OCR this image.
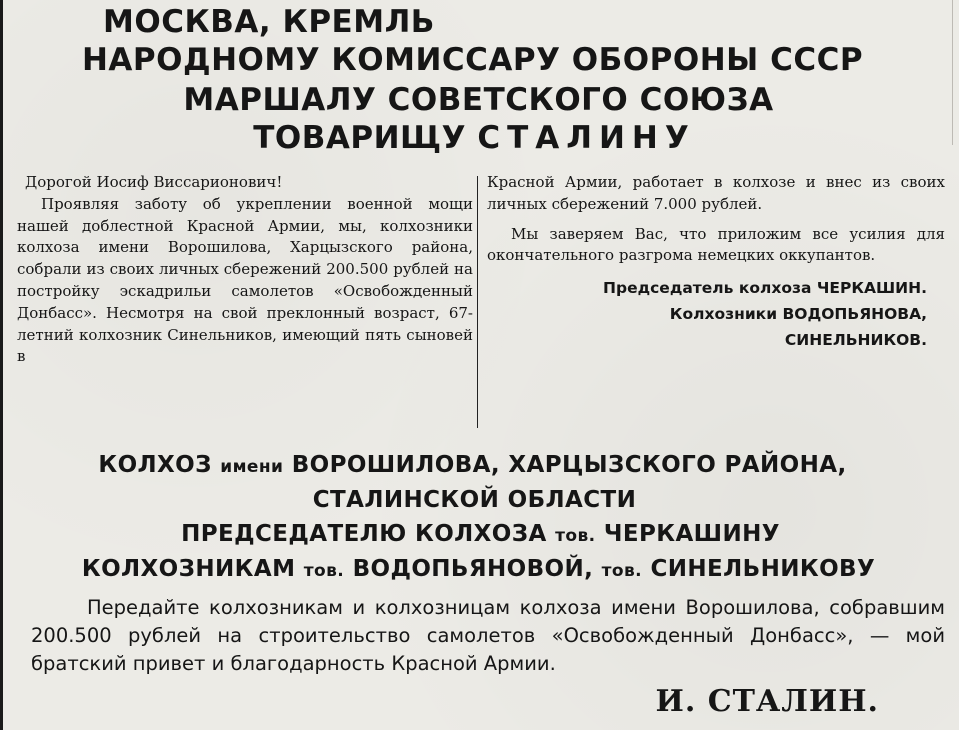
МОСКВА, КРЕМЛЬ
НАРОДНОМУ КОМИССАРУ ОБОРОНЫ СССР
МАРШАЛУ СОВЕТСКОГО СОЮЗА
ТОВАРИЩУ СТАЛИНУ

Дорогой Иосиф Виссарионович!

Проявляя заботу об укреплении военной мощи нашей доблестной Красной Армии, мы, колхозники колхоза имени Ворошилова, Харцызского района, собрали из своих личных сбережений 200.500 рублей на постройку эскадрильи самолетов «Освобожденный Донбасс». Несмотря на свой преклонный возраст, 67-летний колхозник Синельников, имеющий пять сыновей в

Красной Армии, работает в колхозе и внес из своих личных сбережений 7.000 рублей.

Мы заверяем Вас, что приложим все усилия для окончательного разгрома немецких оккупантов.

Председатель колхоза ЧЕРКАШИН.
Колхозники ВОДОПЬЯНОВА,
СИНЕЛЬНИКОВ.
КОЛХОЗ имени ВОРОШИЛОВА, ХАРЦЫЗСКОГО РАЙОНА,
СТАЛИНСКОЙ ОБЛАСТИ
ПРЕДСЕДАТЕЛЮ КОЛХОЗА тов. ЧЕРКАШИНУ
КОЛХОЗНИКАМ тов. ВОДОПЬЯНОВОЙ, тов. СИНЕЛЬНИКОВУ
Передайте колхозникам и колхозницам колхоза имени Ворошилова, собравшим 200.500 рублей на строительство самолетов «Освобожденный Донбасс», — мой братский привет и благодарность Красной Армии.
И. СТАЛИН.
